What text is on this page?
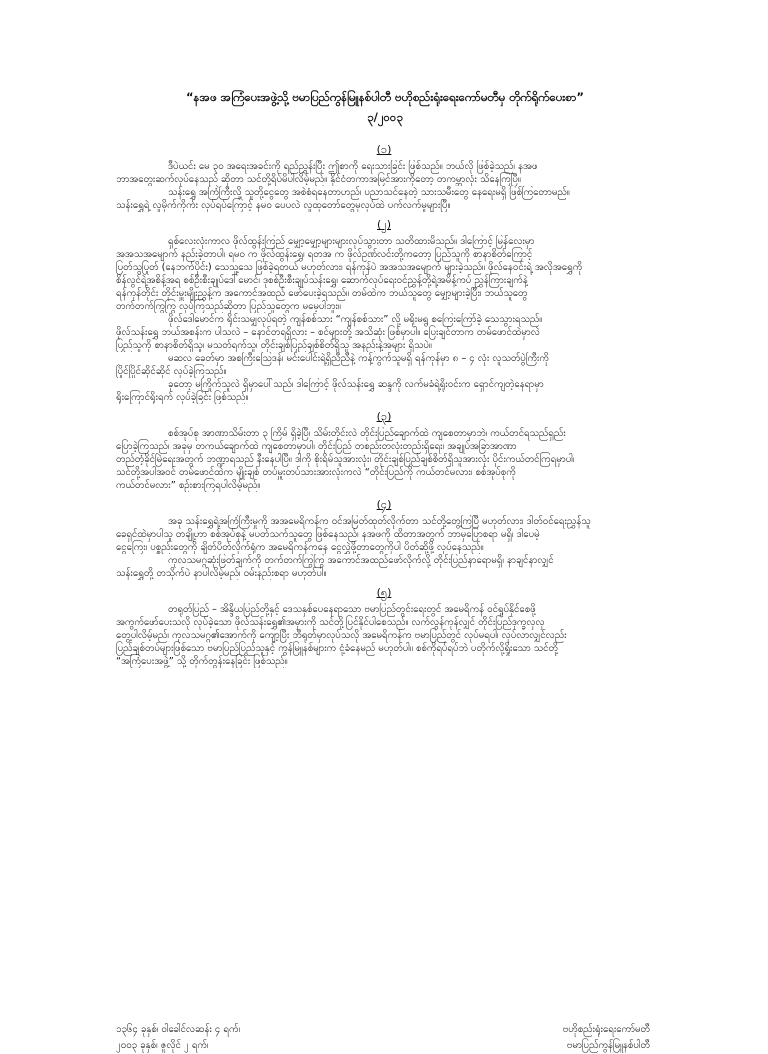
“နအဖ အကြံပေးအဖွဲ့သို့ ဗမာပြည်ကွန်မြူနစ်ပါတီ ဗဟိုစည်းရုံးရေးကော်မတီမှ တိုက်ရိုက်ပေးစာ”
၃/၂၀၀၃
(၁)
ဒီပဲယင်း မေ ၃၀ အရေးအခင်းကို ရည်ညွှန်းပြီး ဤစာကို ရေးသားခြင်း ဖြစ်သည်။ ဘယ်လို ဖြစ်ခဲ့သည်၊ နအဖ
ဘာအတွေးဆက်လုပ်နေသည် ဆိုတာ သင်တို့ရိပ်မိပါလိမ့်မည်။ နိုင်ငံတကာအမြင်အားကိုတော့ တကမ္ဘာလုံး သိနေကြပြီ။
သန်းရွှေ အကြံကြီးလို့ သူတို့ငွေတွေ အစဲစံရနေတာဟည်၊ ပညာသင်နေတဲ့ သားသမီးတွေ နေရေးမရှိ ဖြစ်ကြတောမည်။
သန်းရွှေရဲ့ လူမိုက်ကိုက်း လုပ်ရပ်ကြောင့် နမဝ ပေပလဲ လူထုတော်တွေမှလုပ်ထဲ ပက်လက်မှုများပြီ။
(၂)
ရှစ်လေးလုံးကာလ ဖိုလ်ထွန်းကြည် မျှော့မျှော့များများလုပ်သွားတာ သတိထားမိသည်။ ဒါကြောင့် မြန်လေးမှာ
အအသအမျောက် နည်းခဲ့တာပါ၊ ရမဝ က ဖိုလ်ထွန်းရွှေ၊ ရတအ က ဖိုလ်ဥဏ်လင်းတို့ကတော့ ပြည်သူကို စာနာစိတ်ကြောင့်
ပြတ်သွပြုတ် (နေဘက်ပိုင်း) သေသူ့သေ ဖြစ်ခဲ့ရတယ် မဟုတ်လား၊ ရန်ကုန်ပဲ အအသအမျောက် များခဲ့သည်။ ဖိုလ်နေဝင်းရဲ့ အလိုအရွှေကို
စိန်လွင်ရဲ့အစိန့်အရ စစ်ဦးစီးချုပ်ဒေါ်မောင်၊ ဒုစစ်ဦးစီးချုပ်သန်းရွှေ၊ ဆောက်လုပ်ရေးဝင်ညွှန့်တို့ရဲ့အမိန့်ကပ် ညွှန်ကြားချက်နဲ့
ရန်ကုန်တိုင်း တိုင်းမှူးမျိုးညွှန့်က အကောင်အထည် ဖော်ပေးခဲ့ရသည်။ တမ်ထဲက ဘယ်သူတွေ မျှော့များခဲ့ပြီး၊ ဘယ်သူတွေ
တက်တက်ကြွကြွ လုပ်ကြသည်ဆိုတာ ပြည်သူတွေက မမေ့ပါဘူး။
ဖိုလ်ဒေါမောင်က ရိုင်းသမျှလုပ်ရတဲ့ ကျန်စစ်သား “ကျန်စစ်သား” လို့ မရိုးမရွ စကြေးကြော်ခဲ့ သေသွားရသည်။
ဖိုလ်သန်းရွှေ ဘယ်အစန်းက ပါသလဲ – နောင်တရရှိလား – စင်များတို့ အသိဆုံး ဖြစ်မှာပါ။ ပြေးချင်တာက တမ်ဖောင်ထဲမှာလဲ
ပြည်သူကို စာနာစိတ်ရှိသူ၊ မသတ်ရက်သူ၊ တိုင်းချစ်ပြည်ချစ်စိတ်ရှိသူ အနည်းနဲ့အများ ရှိသပဲ။
မဆလ ခေတ်မှာ အစကြီးသြေဒန်၊ မင်းပေါင်းရဲ့ရှိညီညီနဲ့ ကန့်ကွက်သူမရှိ ရန်ကုန်မှာ ၈ – ၄ လုံး လူသတ်ပွဲကြီးကို
ပြိုင်ပြိုင်ဆိုင်ဆိုင် လုပ်ခဲ့ကြသည်။
ခုတော့ မကြိုက်သူလဲ ရှိမှာပေါ်သည်၊ ဒါကြောင့် ဖိုလ်သန်းရွှေ ဆန္ဒကို လက်မခံရဲ့ရိုးဝင်းက ရှောင်ကျတဲ့နေရာမှာ
ရိုးကြောင်ရိုးရက် လုပ်ခဲ့ခြင်း ဖြစ်သည်။
(၃)
စစ်အုပ်စု အာဏာသိမ်းတာ ၃ ကြိမ် ရှိခဲ့ပြီ၊ သိမ်းတိုင်းလဲ တိုင်းပြည်ချောက်ထဲ ကျစေတာမှာဘဲ၊ ကယ်တင်ရသည်ရှည်း
ပြောခဲ့ကြသည်၊ အခုမှ တကယ်ချောက်ထဲ ကျစေတာမှာပါ၊ တိုင်းပြည် တစည်းတလုံးတည်းရှိရေး၊ အချုပ်အခြာအာဏာ
တည်တံ့ခိုင်မြဲရေးအတွက် ဘဏ္ဍာရသည် နီးနေပါပြီ။ ဒါကို စိုးရိမ်သူအားလုံး၊ တိုင်းချစ်ပြည်ချစ်စိတ်ရှိသူအားလုံး ပိုင်းကယ်တင်ကြရမှာပါ၊
သင်တို့အပါအဝင် တမ်ဖောင်ထဲက မျိုးချစ် တပ်မှူးတပ်သားအားလုံးကလဲ “တိုင်းပြည်ကို ကယ်တင်မလား၊ စစ်အုပ်စုကို
ကယ်တင်မလား” စဉ်းစားကြရပါလိမ့်မည်။
(၄)
အခု သန်းရွှေရဲ့အကြံကြီးမှုကို အအမေရိကန်က ဝင်အမြတ်ထုတ်လိုက်တာ သင်တို့တွေ့ကြပြီ မဟုတ်လား၊ ဒါတ်ဝင်ရေးညွှန်သူ
ခေရှင်ထဲမှာပါသူ တချို့ဟာ စစ်အုပ်စုနဲ့ မပတ်သက်သူတွေ ဖြစ်နေသည်၊ နအဖကို ထိတာအတွက် ဘာမှပြောစရာ မရှိ၊ ဒါပေမဲ့
ငွေကြေး၊ ပစ္စည်းတွေကို ချိတ်ပိတ်လိုက်ရုံက အမေရိကန်ကနေ ငွေလွှဲဖို့တာတွေကိုပါ ပိတ်ဆို့ဖို့ လုပ်နေသည်။
ကုလသမဂ္ဂဆုံးဖြတ်ချက်ကို တက်တက်ကြွကြွ အကောင်အထည်ဖော်လိုက်လို့ တိုင်းပြည်နာရောမရှိ၊ နာချင်နာလျှင်
သန်းရွှေတို့ တသိုက်ပဲ နာပါလိမ့်မည်၊ ဝမ်းနည်းစရာ မဟုတ်ပါ။
(၅)
တရုတ်ပြည် – အိန္ဒိယပြည်တို့နှင့် ဒေသနှစ်ပေနေရာသော ဗမာပြည်တွင်းရေးတွင် အမေရိကန် ဝင်ရှုပ်နိုင်စေဖို့
အကွက်ဖော်ပေးသလို လုပ်ခဲ့သော ဖိုလ်သန်းရွှေ၏အမှားကို သင်တို့ပြင်နိုင်ပါစေသည်။ လက်လွန်ကုန်လျှင် တိုင်းပြည်ဒုက္ခလှလှ
တွေ့ပါလိမ့်မည်၊ ကုလသမဂ္ဂ၏အောက်ကို ကျော့ပြီး ဘီရုတ်မှာလုပ်သလို အမေရိကန်က ဗမာပြည်တွင် လုပ်မရပါ၊ လုပ်လာလျှင်လည်း
ပြည်ချစ်တပ်များဖြစ်သော ဗမာပြည်ပြည်သူနှင့် ကွန်မြူနစ်များက ငုံ့ခံနေမည် မဟုတ်ပါ။ စစ်ကိုရပ်ရပ်ဘဲ ပတိုက်လို့ရှိုးသော သင်တို့
“အကြံပေးအဖွဲ့” သို့ တိုက်တွန်းနေခြင်း ဖြစ်သည်။
၁၃၆၄ ခုနှစ်၊ ဝါခေါင်လဆန်း ၄ ရက်၊
၂၀၀၃ ခုနှစ်၊ ဇူလိုင် ၂ ရက်၊
ဗဟိုစည်းရုံးရေးကော်မတီ
ဗမာပြည်ကွန်မြူနစ်ပါတီ
